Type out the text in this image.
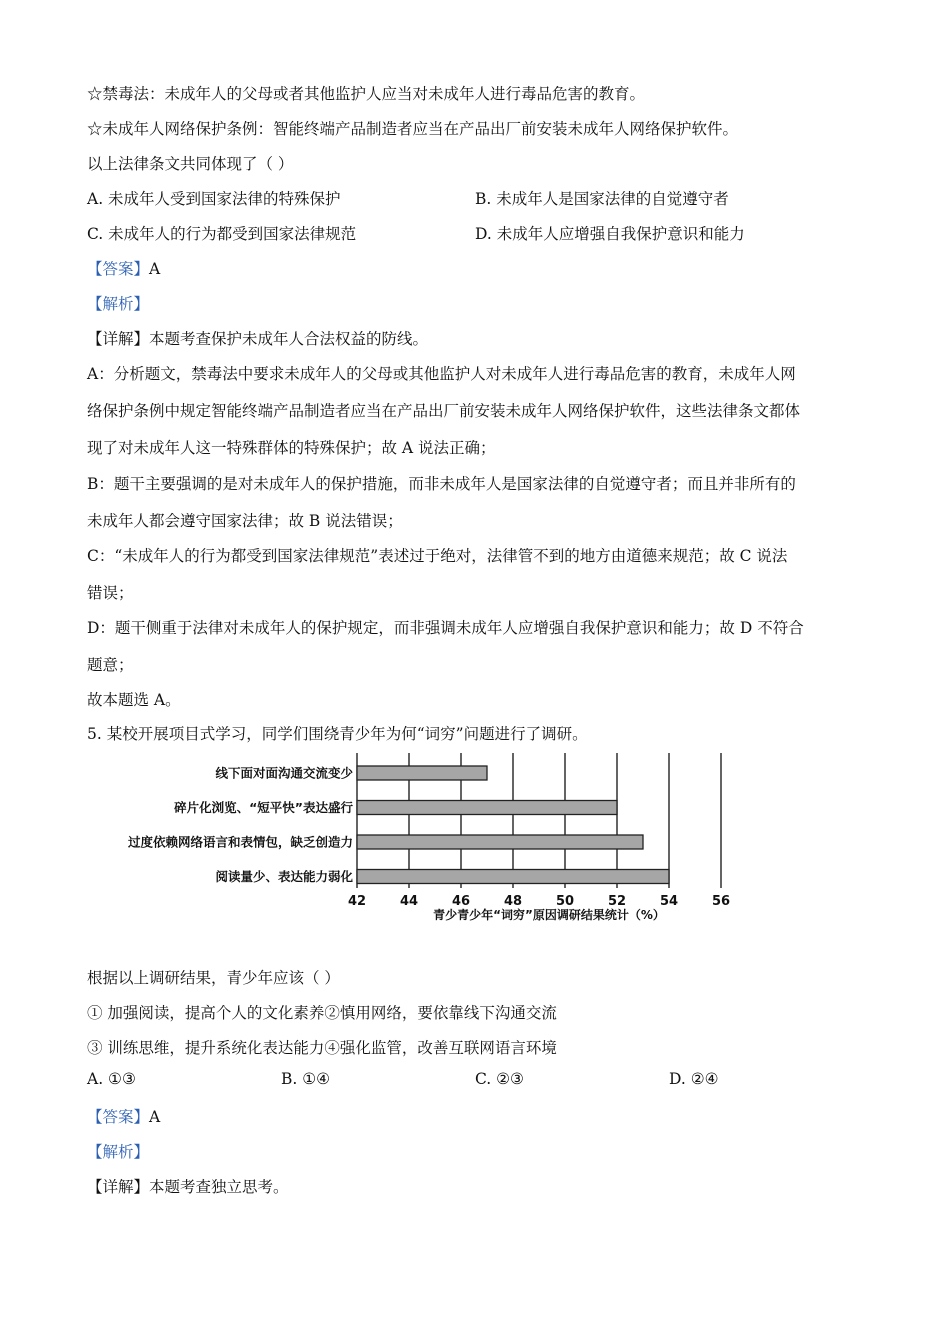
☆禁毒法：未成年人的父母或者其他监护人应当对未成年人进行毒品危害的教育。
☆未成年人网络保护条例：智能终端产品制造者应当在产品出厂前安装未成年人网络保护软件。
以上法律条文共同体现了（ ）
A. 未成年人受到国家法律的特殊保护	B. 未成年人是国家法律的自觉遵守者
C. 未成年人的行为都受到国家法律规范	D. 未成年人应增强自我保护意识和能力
【答案】A
【解析】
【详解】本题考查保护未成年人合法权益的防线。
A：分析题文，禁毒法中要求未成年人的父母或其他监护人对未成年人进行毒品危害的教育，未成年人网
络保护条例中规定智能终端产品制造者应当在产品出厂前安装未成年人网络保护软件，这些法律条文都体
现了对未成年人这一特殊群体的特殊保护；故 A 说法正确；
B：题干主要强调的是对未成年人的保护措施，而非未成年人是国家法律的自觉遵守者；而且并非所有的
未成年人都会遵守国家法律；故 B 说法错误；
C：“未成年人的行为都受到国家法律规范”表述过于绝对，法律管不到的地方由道德来规范；故 C 说法
错误；
D：题干侧重于法律对未成年人的保护规定，而非强调未成年人应增强自我保护意识和能力；故 D 不符合
题意；
故本题选 A。
5. 某校开展项目式学习，同学们围绕青少年为何“词穷”问题进行了调研。
线下面对面沟通交流变少
碎片化浏览、“短平快”表达盛行
过度依赖网络语言和表情包，缺乏创造力
阅读量少、表达能力弱化
42	44	46	48	50	52	54	56
青少青少年“词穷”原因调研结果统计（%）
根据以上调研结果，青少年应该（ ）
① 加强阅读，提高个人的文化素养②慎用网络，要依靠线下沟通交流
③ 训练思维，提升系统化表达能力④强化监管，改善互联网语言环境
A. ①③	B. ①④	C. ②③	D. ②④
【答案】A
【解析】
【详解】本题考查独立思考。
